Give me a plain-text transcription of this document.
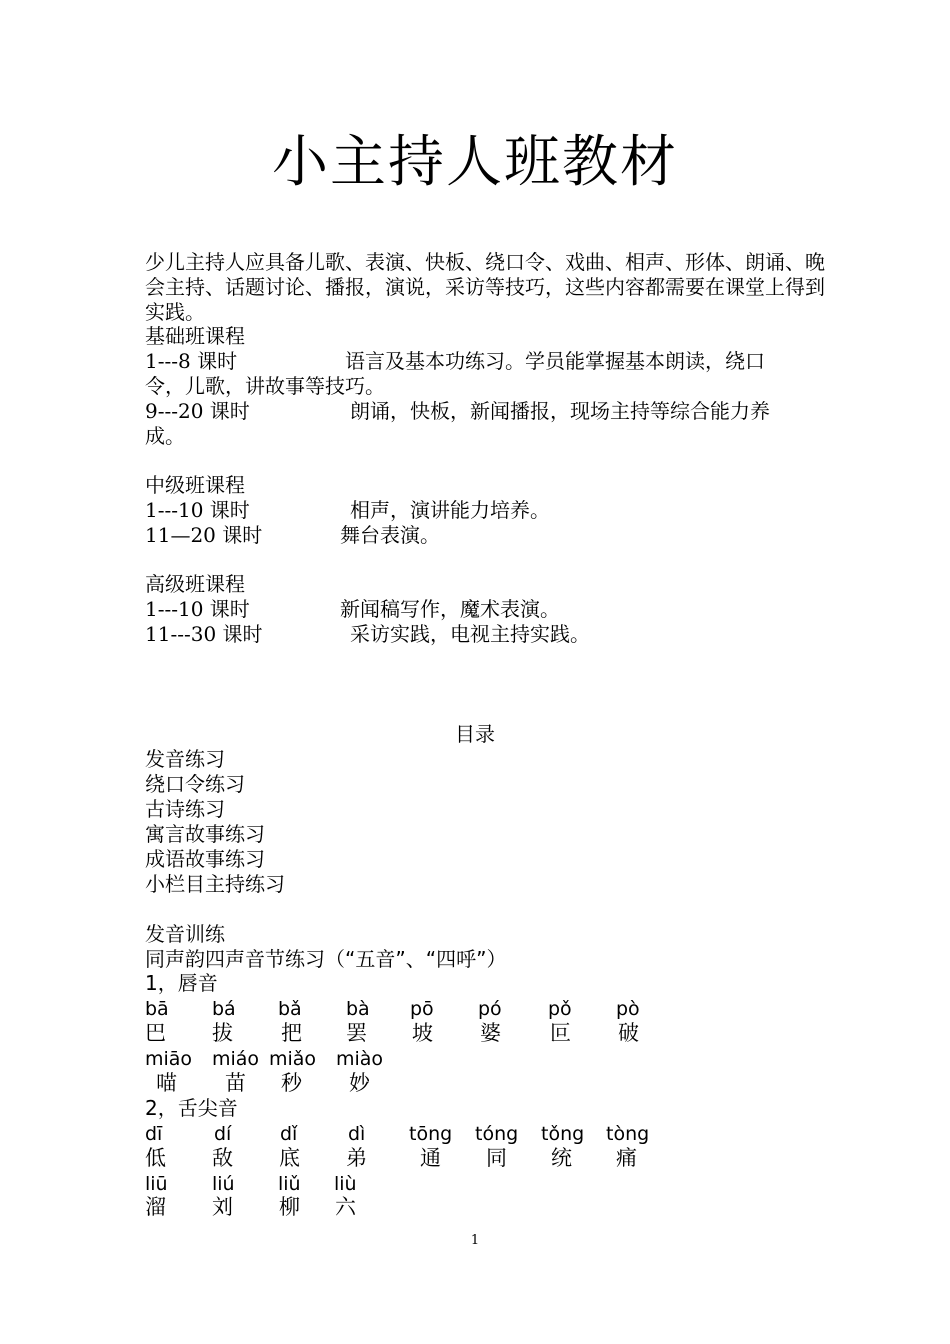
小主持人班教材
少儿主持人应具备儿歌、表演、快板、绕口令、戏曲、相声、形体、朗诵、晚会主持、话题讨论、播报，演说，采访等技巧，这些内容都需要在课堂上得到实践。
基础班课程
1---8 课时	语言及基本功练习。学员能掌握基本朗读，绕口
令，儿歌，讲故事等技巧。
9---20 课时	朗诵，快板，新闻播报，现场主持等综合能力养
成。
中级班课程
1---10 课时	相声，演讲能力培养。
11—20 课时	舞台表演。
高级班课程
1---10 课时	新闻稿写作，魔术表演。
11---30 课时	采访实践，电视主持实践。
目录
发音练习
绕口令练习
古诗练习
寓言故事练习
成语故事练习
小栏目主持练习
发音训练
同声韵四声音节练习（“五音”、“四呼”）
1，唇音
bā bá bǎ bà pō pó pǒ pò
巴 拔 把 罢 坡 婆 叵 破
miāo miáo miǎo miào
喵 苗 秒 妙
2，舌尖音
dī	dí	dǐ	dì tōng tóng tǒng tòng
低 敌 底 弟	通 同 统 痛
liū liú liǔ liù
溜 刘 柳 六
1
